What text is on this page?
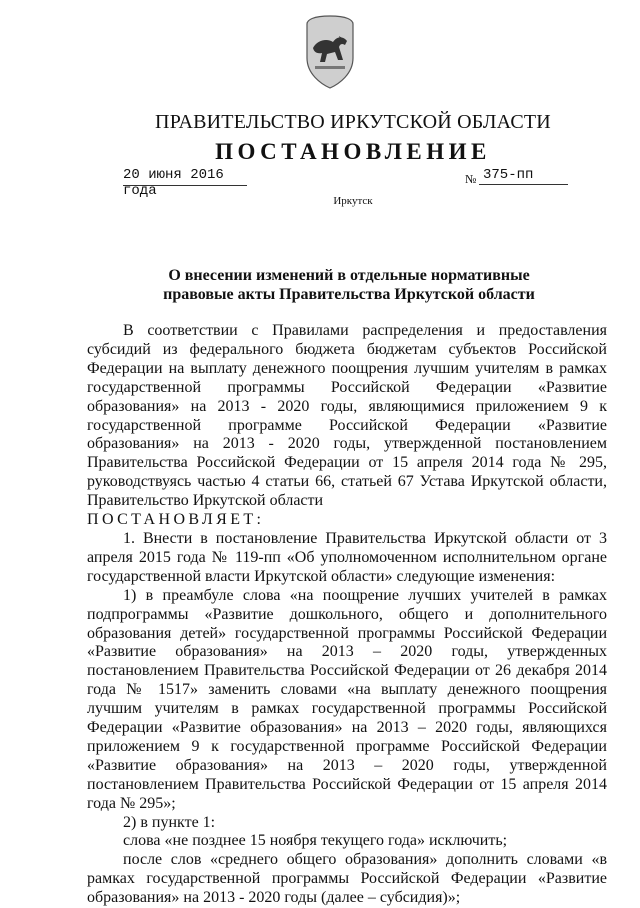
ПРАВИТЕЛЬСТВО ИРКУТСКОЙ ОБЛАСТИ
ПОСТАНОВЛЕНИЕ
20 июня 2016 года
№ 375-пп
Иркутск
О внесении изменений в отдельные нормативные
правовые акты Правительства Иркутской области

В соответствии с Правилами распределения и предоставления субсидий из федерального бюджета бюджетам субъектов Российской Федерации на выплату денежного поощрения лучшим учителям в рамках государственной программы Российской Федерации «Развитие образования» на 2013 - 2020 годы, являющимися приложением 9 к государственной программе Российской Федерации «Развитие образования» на 2013 - 2020 годы, утвержденной постановлением Правительства Российской Федерации от 15 апреля 2014 года № 295, руководствуясь частью 4 статьи 66, статьей 67 Устава Иркутской области, Правительство Иркутской области

ПОСТАНОВЛЯЕТ:

1. Внести в постановление Правительства Иркутской области от 3 апреля 2015 года № 119-пп «Об уполномоченном исполнительном органе государственной власти Иркутской области» следующие изменения:

1) в преамбуле слова «на поощрение лучших учителей в рамках подпрограммы «Развитие дошкольного, общего и дополнительного образования детей» государственной программы Российской Федерации «Развитие образования» на 2013 – 2020 годы, утвержденных постановлением Правительства Российской Федерации от 26 декабря 2014 года № 1517» заменить словами «на выплату денежного поощрения лучшим учителям в рамках государственной программы Российской Федерации «Развитие образования» на 2013 – 2020 годы, являющихся приложением 9 к государственной программе Российской Федерации «Развитие образования» на 2013 – 2020 годы, утвержденной постановлением Правительства Российской Федерации от 15 апреля 2014 года № 295»;

2) в пункте 1:

слова «не позднее 15 ноября текущего года» исключить;

после слов «среднего общего образования» дополнить словами «в рамках государственной программы Российской Федерации «Развитие образования» на 2013 - 2020 годы (далее – субсидия)»;
